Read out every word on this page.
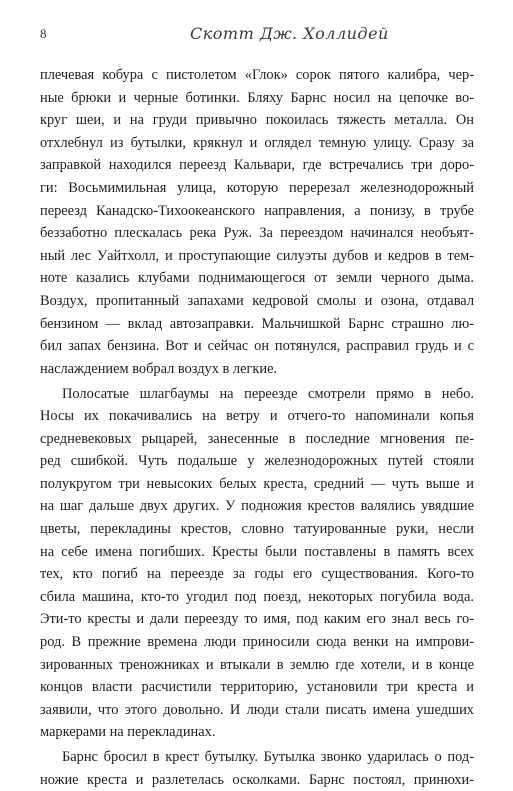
8	Скотт Дж. Холлидей
плечевая кобура с пистолетом «Глок» сорок пятого калибра, чер-
ные брюки и черные ботинки. Бляху Барнс носил на цепочке во-
круг шеи, и на груди привычно покоилась тяжесть металла. Он
отхлебнул из бутылки, крякнул и оглядел темную улицу. Сразу за
заправкой находился переезд Кальвари, где встречались три доро-
ги: Восьмимильная улица, которую перерезал железнодорожный
переезд Канадско-Тихоокеанского направления, а понизу, в трубе
беззаботно плескалась река Руж. За переездом начинался необъят-
ный лес Уайтхолл, и проступающие силуэты дубов и кедров в тем-
ноте казались клубами поднимающегося от земли черного дыма.
Воздух, пропитанный запахами кедровой смолы и озона, отдавал
бензином — вклад автозаправки. Мальчишкой Барнс страшно лю-
бил запах бензина. Вот и сейчас он потянулся, расправил грудь и с
наслаждением вобрал воздух в легкие.
Полосатые шлагбаумы на переезде смотрели прямо в небо.
Носы их покачивались на ветру и отчего-то напоминали копья
средневековых рыцарей, занесенные в последние мгновения пе-
ред сшибкой. Чуть подальше у железнодорожных путей стояли
полукругом три невысоких белых креста, средний — чуть выше и
на шаг дальше двух других. У подножия крестов валялись увядшие
цветы, перекладины крестов, словно татуированные руки, несли
на себе имена погибших. Кресты были поставлены в память всех
тех, кто погиб на переезде за годы его существования. Кого-то
сбила машина, кто-то угодил под поезд, некоторых погубила вода.
Эти-то кресты и дали переезду то имя, под каким его знал весь го-
род. В прежние времена люди приносили сюда венки на импрови-
зированных треножниках и втыкали в землю где хотели, и в конце
концов власти расчистили территорию, установили три креста и
заявили, что этого довольно. И люди стали писать имена ушедших
маркерами на перекладинах.
Барнс бросил в крест бутылку. Бутылка звонко ударилась о под-
ножие креста и разлетелась осколками. Барнс постоял, принюхи-
